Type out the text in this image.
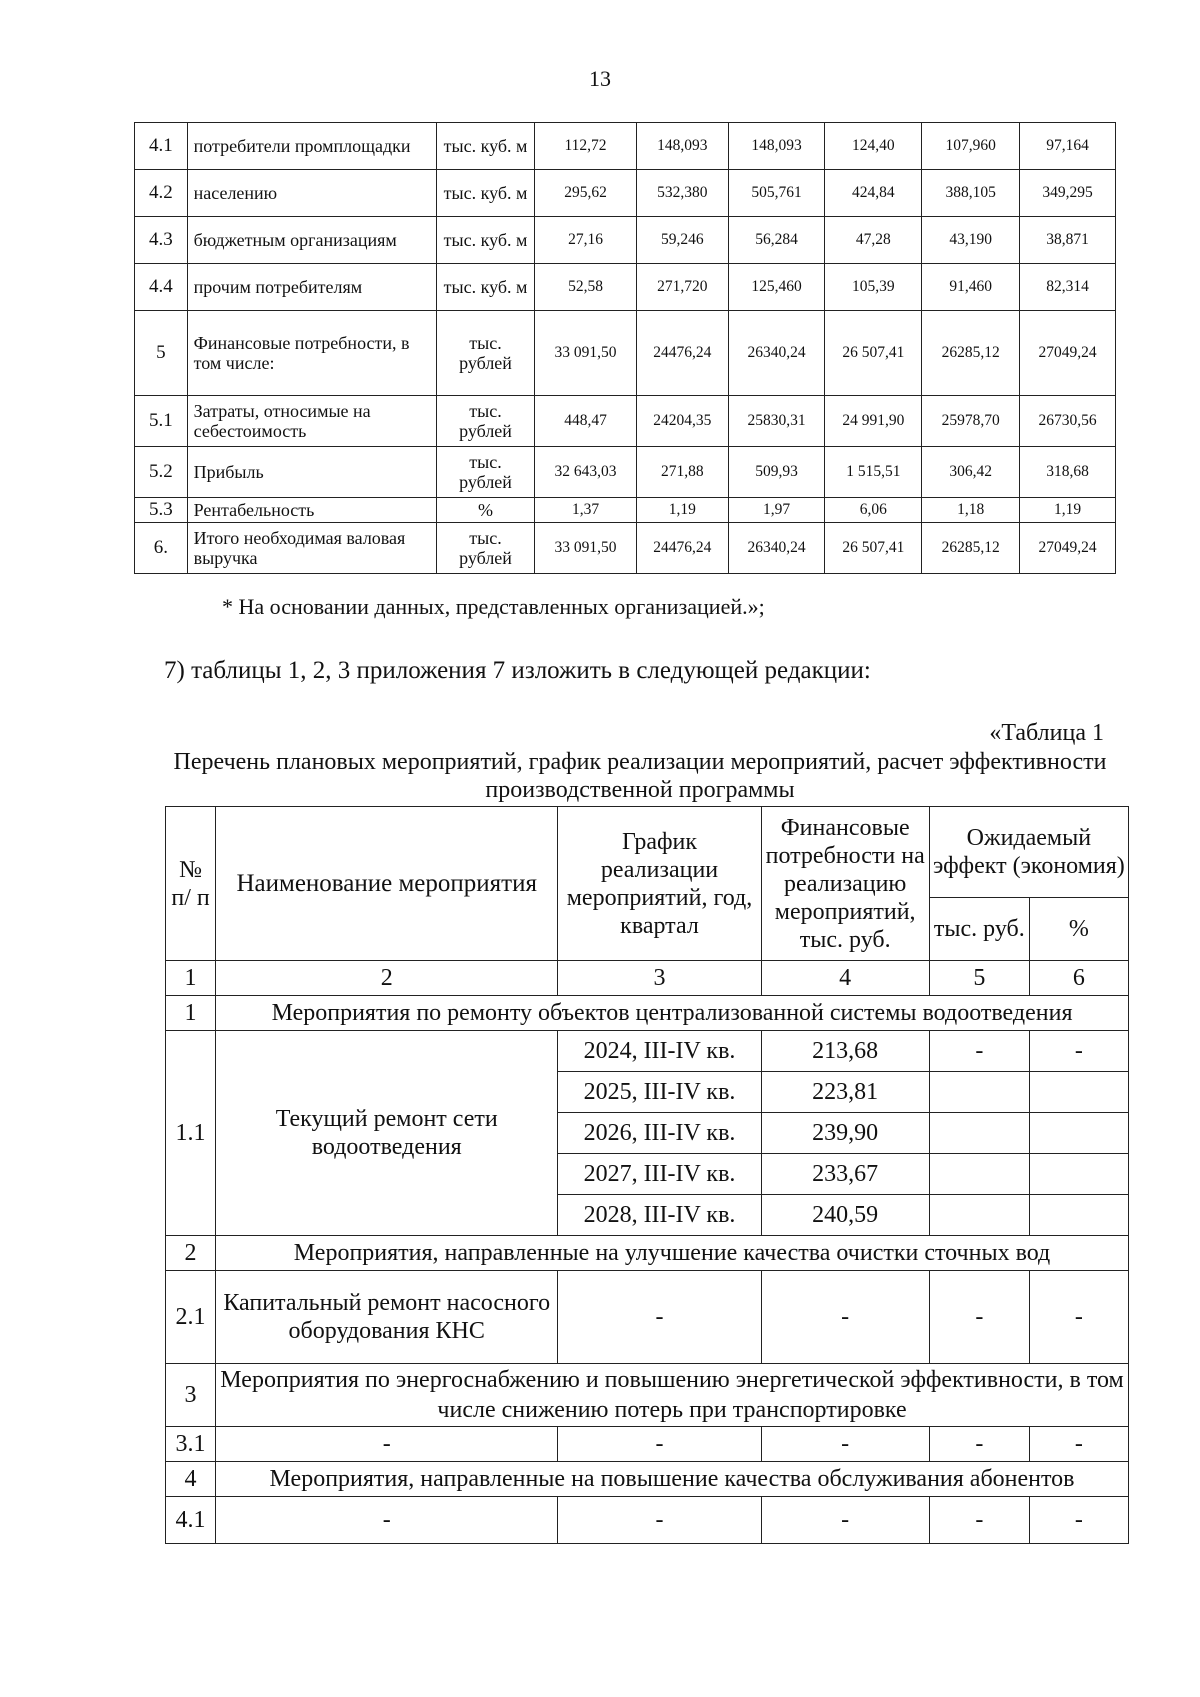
13
4.1	потребители промплощадки	тыс. куб. м	112,72	148,093	148,093	124,40	107,960	97,164
4.2	населению	тыс. куб. м	295,62	532,380	505,761	424,84	388,105	349,295
4.3	бюджетным организациям	тыс. куб. м	27,16	59,246	56,284	47,28	43,190	38,871
4.4	прочим потребителям	тыс. куб. м	52,58	271,720	125,460	105,39	91,460	82,314
5	Финансовые потребности, в том числе:	тыс. рублей	33 091,50	24476,24	26340,24	26 507,41	26285,12	27049,24
5.1	Затраты, относимые на себестоимость	тыс. рублей	448,47	24204,35	25830,31	24 991,90	25978,70	26730,56
5.2	Прибыль	тыс. рублей	32 643,03	271,88	509,93	1 515,51	306,42	318,68
5.3	Рентабельность	%	1,37	1,19	1,97	6,06	1,18	1,19
6.	Итого необходимая валовая выручка	тыс. рублей	33 091,50	24476,24	26340,24	26 507,41	26285,12	27049,24
* На основании данных, представленных организацией.»;
7) таблицы 1, 2, 3 приложения 7 изложить в следующей редакции:
«Таблица 1
Перечень плановых мероприятий, график реализации мероприятий, расчет эффективности производственной программы
№ п/ п	Наименование мероприятия	График реализации мероприятий, год, квартал	Финансовые потребности на реализацию мероприятий, тыс. руб.	Ожидаемый эффект (экономия)	
				тыс. руб.	%
1	2	3	4	5	6
1	Мероприятия по ремонту объектов централизованной системы водоотведения				
1.1	Текущий ремонт сети водоотведения	2024, III-IV кв.	213,68	-	-
		2025, III-IV кв.	223,81		
		2026, III-IV кв.	239,90		
		2027, III-IV кв.	233,67		
		2028, III-IV кв.	240,59		
2	Мероприятия, направленные на улучшение качества очистки сточных вод				
2.1	Капитальный ремонт насосного оборудования КНС	-	-	-	-
3	Мероприятия по энергоснабжению и повышению энергетической эффективности, в том числе снижению потерь при транспортировке				
3.1	-	-	-	-	-
4	Мероприятия, направленные на повышение качества обслуживания абонентов				
4.1	-	-	-	-	-
